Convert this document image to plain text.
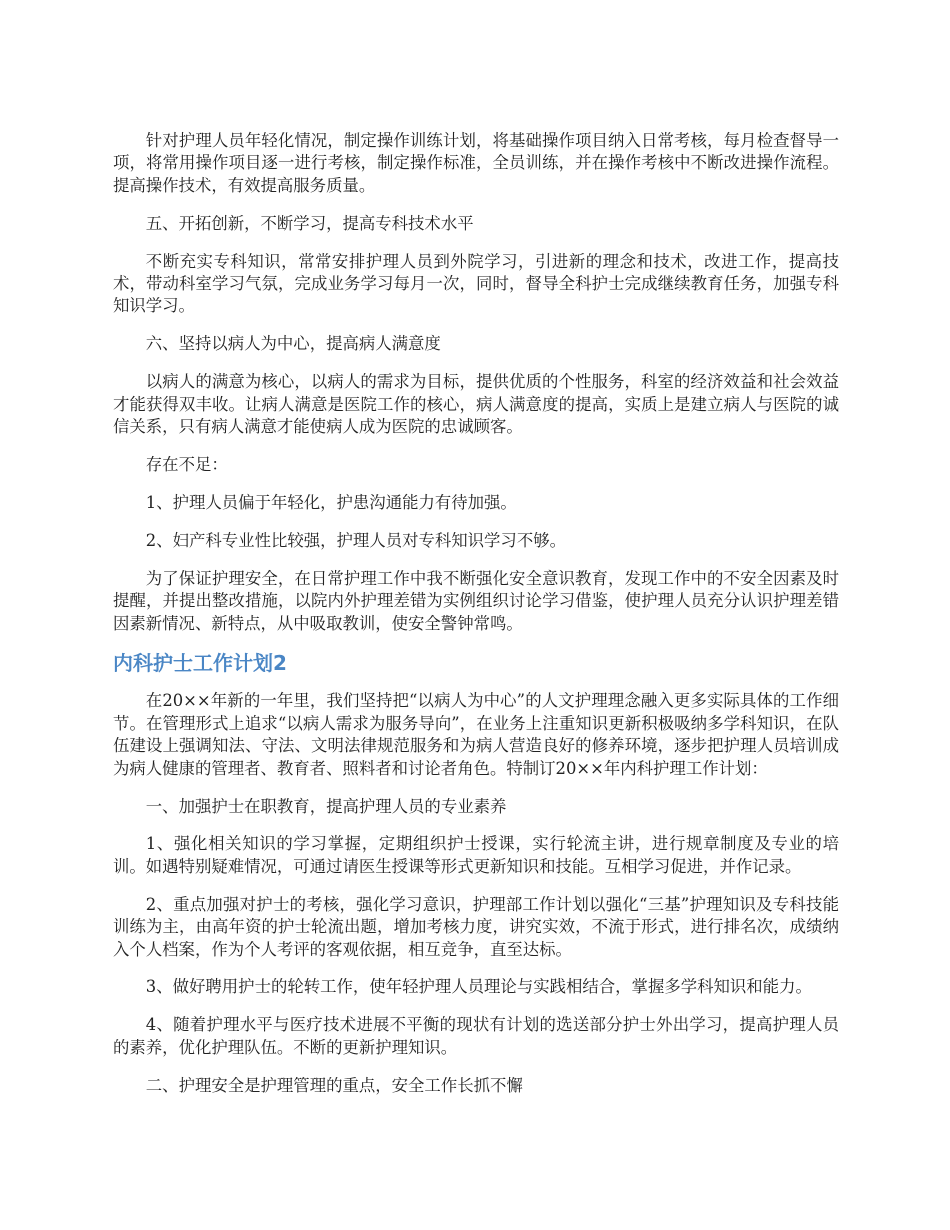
针对护理人员年轻化情况，制定操作训练计划，将基础操作项目纳入日常考核，每月检查督导一项，将常用操作项目逐一进行考核，制定操作标准，全员训练，并在操作考核中不断改进操作流程。提高操作技术，有效提高服务质量。

五、开拓创新，不断学习，提高专科技术水平

不断充实专科知识，常常安排护理人员到外院学习，引进新的理念和技术，改进工作，提高技术，带动科室学习气氛，完成业务学习每月一次，同时，督导全科护士完成继续教育任务，加强专科知识学习。

六、坚持以病人为中心，提高病人满意度

以病人的满意为核心，以病人的需求为目标，提供优质的个性服务，科室的经济效益和社会效益才能获得双丰收。让病人满意是医院工作的核心，病人满意度的提高，实质上是建立病人与医院的诚信关系，只有病人满意才能使病人成为医院的忠诚顾客。

存在不足：

1、护理人员偏于年轻化，护患沟通能力有待加强。

2、妇产科专业性比较强，护理人员对专科知识学习不够。

为了保证护理安全，在日常护理工作中我不断强化安全意识教育，发现工作中的不安全因素及时提醒，并提出整改措施，以院内外护理差错为实例组织讨论学习借鉴，使护理人员充分认识护理差错因素新情况、新特点，从中吸取教训，使安全警钟常鸣。

内科护士工作计划2

在20××年新的一年里，我们坚持把“以病人为中心”的人文护理理念融入更多实际具体的工作细节。在管理形式上追求“以病人需求为服务导向”，在业务上注重知识更新积极吸纳多学科知识，在队伍建设上强调知法、守法、文明法律规范服务和为病人营造良好的修养环境，逐步把护理人员培训成为病人健康的管理者、教育者、照料者和讨论者角色。特制订20××年内科护理工作计划：

一、加强护士在职教育，提高护理人员的专业素养

1、强化相关知识的学习掌握，定期组织护士授课，实行轮流主讲，进行规章制度及专业的培训。如遇特别疑难情况，可通过请医生授课等形式更新知识和技能。互相学习促进，并作记录。

2、重点加强对护士的考核，强化学习意识，护理部工作计划以强化“三基”护理知识及专科技能训练为主，由高年资的护士轮流出题，增加考核力度，讲究实效，不流于形式，进行排名次，成绩纳入个人档案，作为个人考评的客观依据，相互竞争，直至达标。

3、做好聘用护士的轮转工作，使年轻护理人员理论与实践相结合，掌握多学科知识和能力。

4、随着护理水平与医疗技术进展不平衡的现状有计划的选送部分护士外出学习，提高护理人员的素养，优化护理队伍。不断的更新护理知识。

二、护理安全是护理管理的重点，安全工作长抓不懈
